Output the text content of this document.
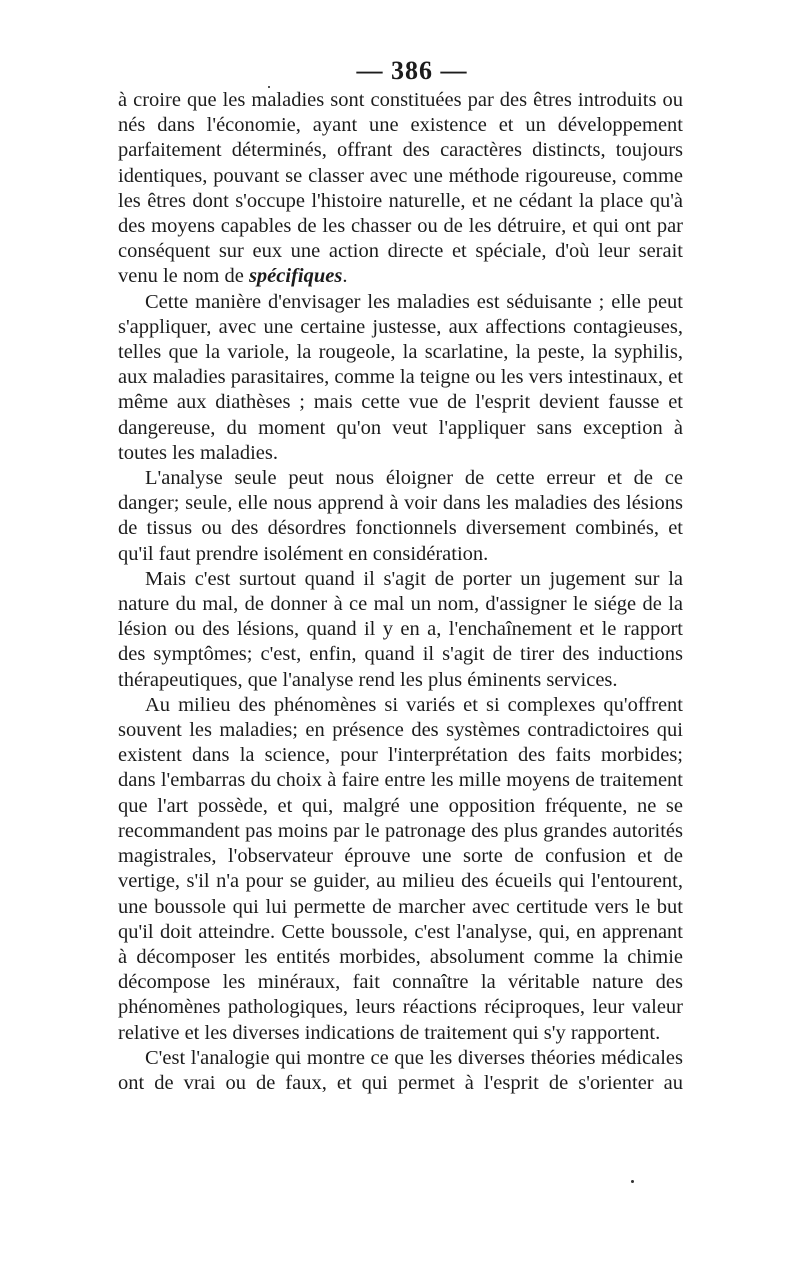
— 386 —

à croire que les maladies sont constituées par des êtres introduits ou nés dans l'économie, ayant une existence et un développement parfaitement déterminés, offrant des caractères distincts, toujours identiques, pouvant se classer avec une méthode rigoureuse, comme les êtres dont s'occupe l'histoire naturelle, et ne cédant la place qu'à des moyens capables de les chasser ou de les détruire, et qui ont par conséquent sur eux une action directe et spéciale, d'où leur serait venu le nom de spécifiques.

Cette manière d'envisager les maladies est séduisante ; elle peut s'appliquer, avec une certaine justesse, aux affections contagieuses, telles que la variole, la rougeole, la scarlatine, la peste, la syphilis, aux maladies parasitaires, comme la teigne ou les vers intestinaux, et même aux diathèses ; mais cette vue de l'esprit devient fausse et dangereuse, du moment qu'on veut l'appliquer sans exception à toutes les maladies.

L'analyse seule peut nous éloigner de cette erreur et de ce danger; seule, elle nous apprend à voir dans les maladies des lésions de tissus ou des désordres fonctionnels diversement combinés, et qu'il faut prendre isolément en considération.

Mais c'est surtout quand il s'agit de porter un jugement sur la nature du mal, de donner à ce mal un nom, d'assigner le siége de la lésion ou des lésions, quand il y en a, l'enchaînement et le rapport des symptômes; c'est, enfin, quand il s'agit de tirer des inductions thérapeutiques, que l'analyse rend les plus éminents services.

Au milieu des phénomènes si variés et si complexes qu'offrent souvent les maladies; en présence des systèmes contradictoires qui existent dans la science, pour l'interprétation des faits morbides; dans l'embarras du choix à faire entre les mille moyens de traitement que l'art possède, et qui, malgré une opposition fréquente, ne se recommandent pas moins par le patronage des plus grandes autorités magistrales, l'observateur éprouve une sorte de confusion et de vertige, s'il n'a pour se guider, au milieu des écueils qui l'entourent, une boussole qui lui permette de marcher avec certitude vers le but qu'il doit atteindre. Cette boussole, c'est l'analyse, qui, en apprenant à décomposer les entités morbides, absolument comme la chimie décompose les minéraux, fait connaître la véritable nature des phénomènes pathologiques, leurs réactions réciproques, leur valeur relative et les diverses indications de traitement qui s'y rapportent.

C'est l'analogie qui montre ce que les diverses théories médicales ont de vrai ou de faux, et qui permet à l'esprit de s'orienter au
